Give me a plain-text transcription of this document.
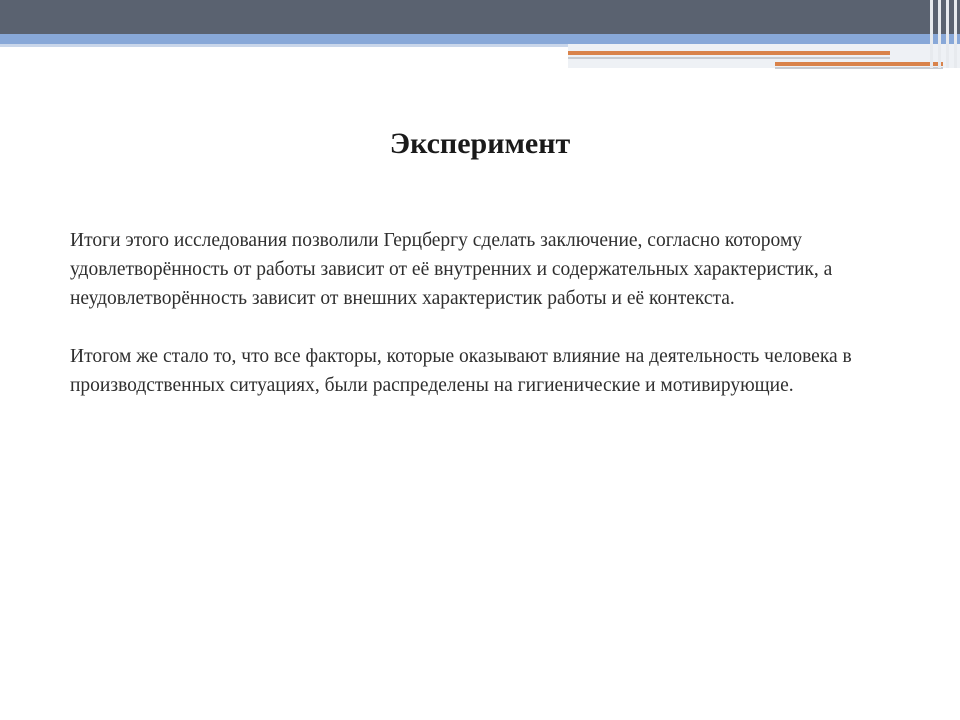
Эксперимент

Итоги этого исследования позволили Герцбергу сделать заключение, согласно которому удовлетворённость от работы зависит от её внутренних и содержательных характеристик, а неудовлетворённость зависит от внешних характеристик работы и её контекста.

Итогом же стало то, что все факторы, которые оказывают влияние на деятельность человека в производственных ситуациях, были распределены на гигиенические и мотивирующие.
